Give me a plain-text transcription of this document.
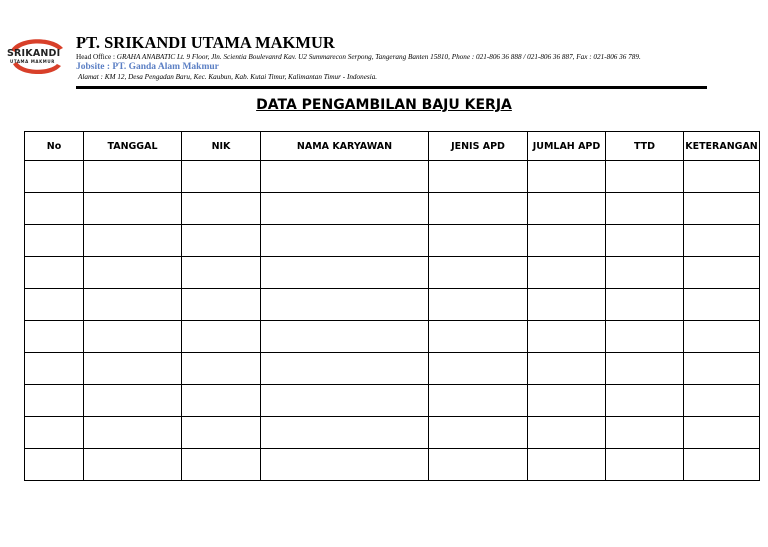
SRIKANDI
UTAMA MAKMUR
PT. SRIKANDI UTAMA MAKMUR
Head Office : GRAHA ANABATIC Lt. 9 Floor, Jln. Scientia Boulevanrd Kav. U2 Summarecon Serpong, Tangerang Banten 15810, Phone : 021-806 36 888 / 021-806 36 887, Fax : 021-806 36 789.
Jobsite : PT. Ganda Alam Makmur
Alamat : KM 12, Desa Pengadan Baru, Kec. Kaubun, Kab. Kutai Timur, Kalimantan Timur - Indonesia.
DATA PENGAMBILAN BAJU KERJA
No	TANGGAL	NIK	NAMA KARYAWAN	JENIS APD	JUMLAH APD	TTD	KETERANGAN
